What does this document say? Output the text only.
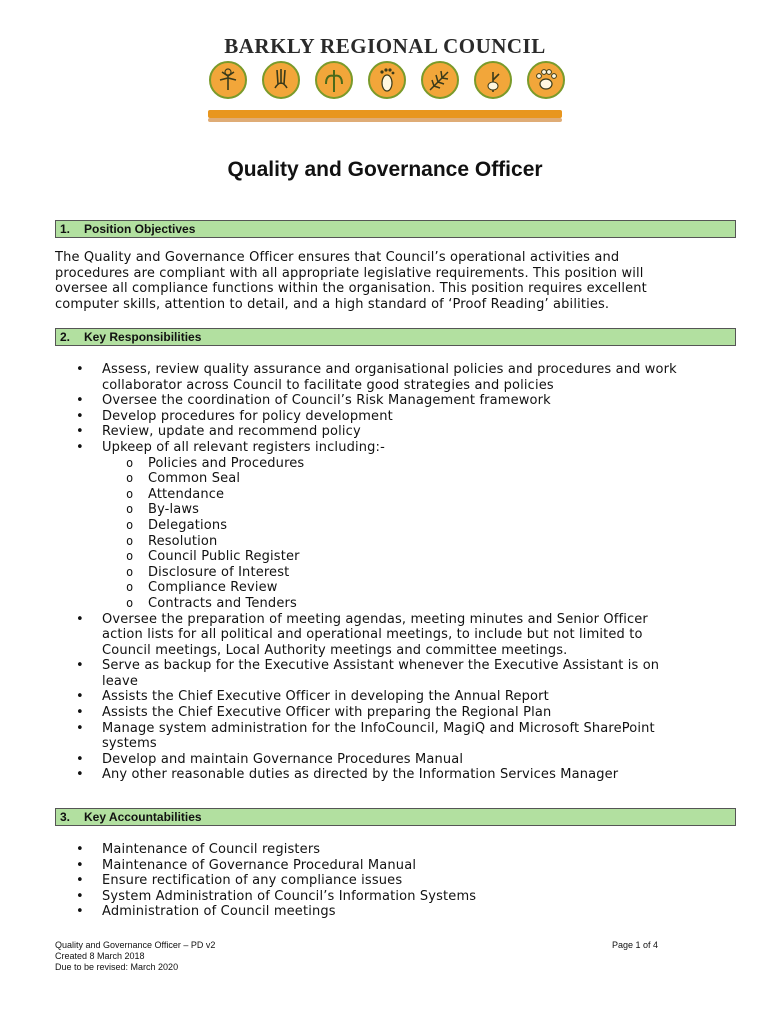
BARKLY REGIONAL COUNCIL
Quality and Governance Officer
1. Position Objectives
The Quality and Governance Officer ensures that Council’s operational activities and
procedures are compliant with all appropriate legislative requirements. This position will
oversee all compliance functions within the organisation. This position requires excellent
computer skills, attention to detail, and a high standard of ‘Proof Reading’ abilities.
2. Key Responsibilities
• Assess, review quality assurance and organisational policies and procedures and work
collaborator across Council to facilitate good strategies and policies
• Oversee the coordination of Council’s Risk Management framework
• Develop procedures for policy development
• Review, update and recommend policy
• Upkeep of all relevant registers including:-
o Policies and Procedures
o Common Seal
o Attendance
o By-laws
o Delegations
o Resolution
o Council Public Register
o Disclosure of Interest
o Compliance Review
o Contracts and Tenders
• Oversee the preparation of meeting agendas, meeting minutes and Senior Officer
action lists for all political and operational meetings, to include but not limited to
Council meetings, Local Authority meetings and committee meetings.
• Serve as backup for the Executive Assistant whenever the Executive Assistant is on
leave
• Assists the Chief Executive Officer in developing the Annual Report
• Assists the Chief Executive Officer with preparing the Regional Plan
• Manage system administration for the InfoCouncil, MagiQ and Microsoft SharePoint
systems
• Develop and maintain Governance Procedures Manual
• Any other reasonable duties as directed by the Information Services Manager
3. Key Accountabilities
• Maintenance of Council registers
• Maintenance of Governance Procedural Manual
• Ensure rectification of any compliance issues
• System Administration of Council’s Information Systems
• Administration of Council meetings
Quality and Governance Officer – PD v2
Created 8 March 2018
Due to be revised: March 2020
Page 1 of 4
